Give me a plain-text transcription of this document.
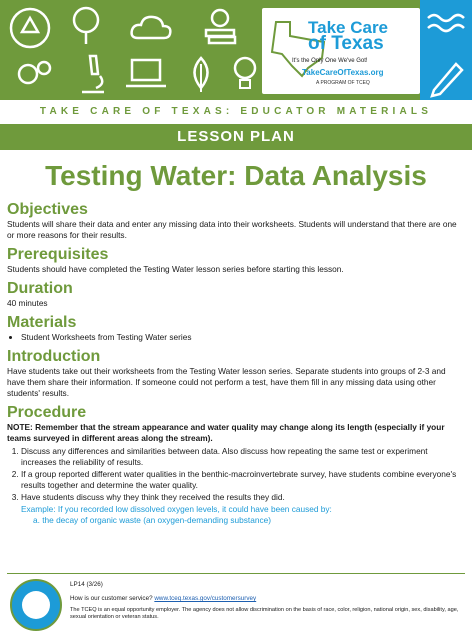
Take Care
of Texas
It's the Only One We've Got!
TakeCareOfTexas.org
A PROGRAM OF TCEQ
TAKE CARE OF TEXAS: EDUCATOR MATERIALS
LESSON PLAN
Testing Water: Data Analysis
Objectives

Students will share their data and enter any missing data into their worksheets. Students will understand that there are one or more reasons for their results.

Prerequisites

Students should have completed the Testing Water lesson series before starting this lesson.

Duration

40 minutes

Materials
• Student Worksheets from Testing Water series
Introduction

Have students take out their worksheets from the Testing Water lesson series. Separate students into groups of 2-3 and have them share their information. If someone could not perform a test, have them fill in any missing data using other students' results.

Procedure
NOTE: Remember that the stream appearance and water quality may change along its length (especially if your teams surveyed in different areas along the stream).
1. Discuss any differences and similarities between data. Also discuss how repeating the same test or experiment increases the reliability of results.
2. If a group reported different water qualities in the benthic-macroinvertebrate survey, have students combine everyone's results together and determine the water quality.
3. Have students discuss why they think they received the results they did.
Example: If you recorded low dissolved oxygen levels, it could have been caused by:
a. the decay of organic waste (an oxygen-demanding substance)
LP14 (3/26)
How is our customer service? www.tceq.texas.gov/customersurvey
The TCEQ is an equal opportunity employer. The agency does not allow discrimination on the basis of race, color, religion, national origin, sex, disability, age, sexual orientation or veteran status.
